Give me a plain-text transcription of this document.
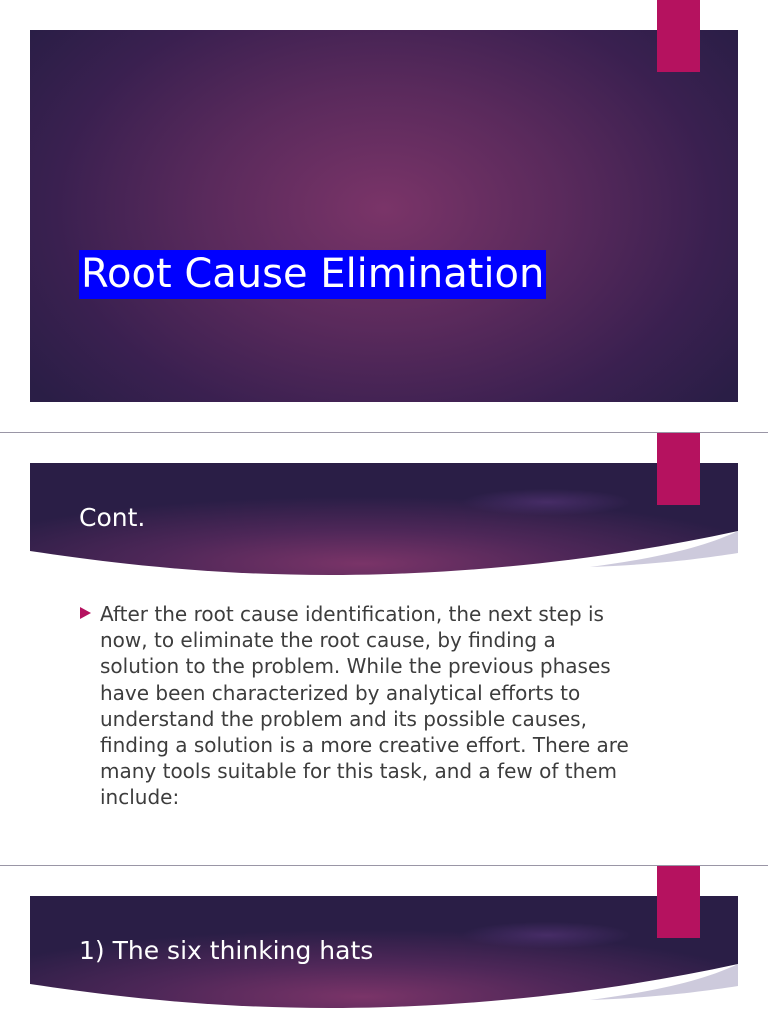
Root Cause Elimination
Cont.

After the root cause identification, the next step is now, to eliminate the root cause, by finding a solution to the problem. While the previous phases have been characterized by analytical efforts to understand the problem and its possible causes, finding a solution is a more creative effort. There are many tools suitable for this task, and a few of them include:

1) The six thinking hats
